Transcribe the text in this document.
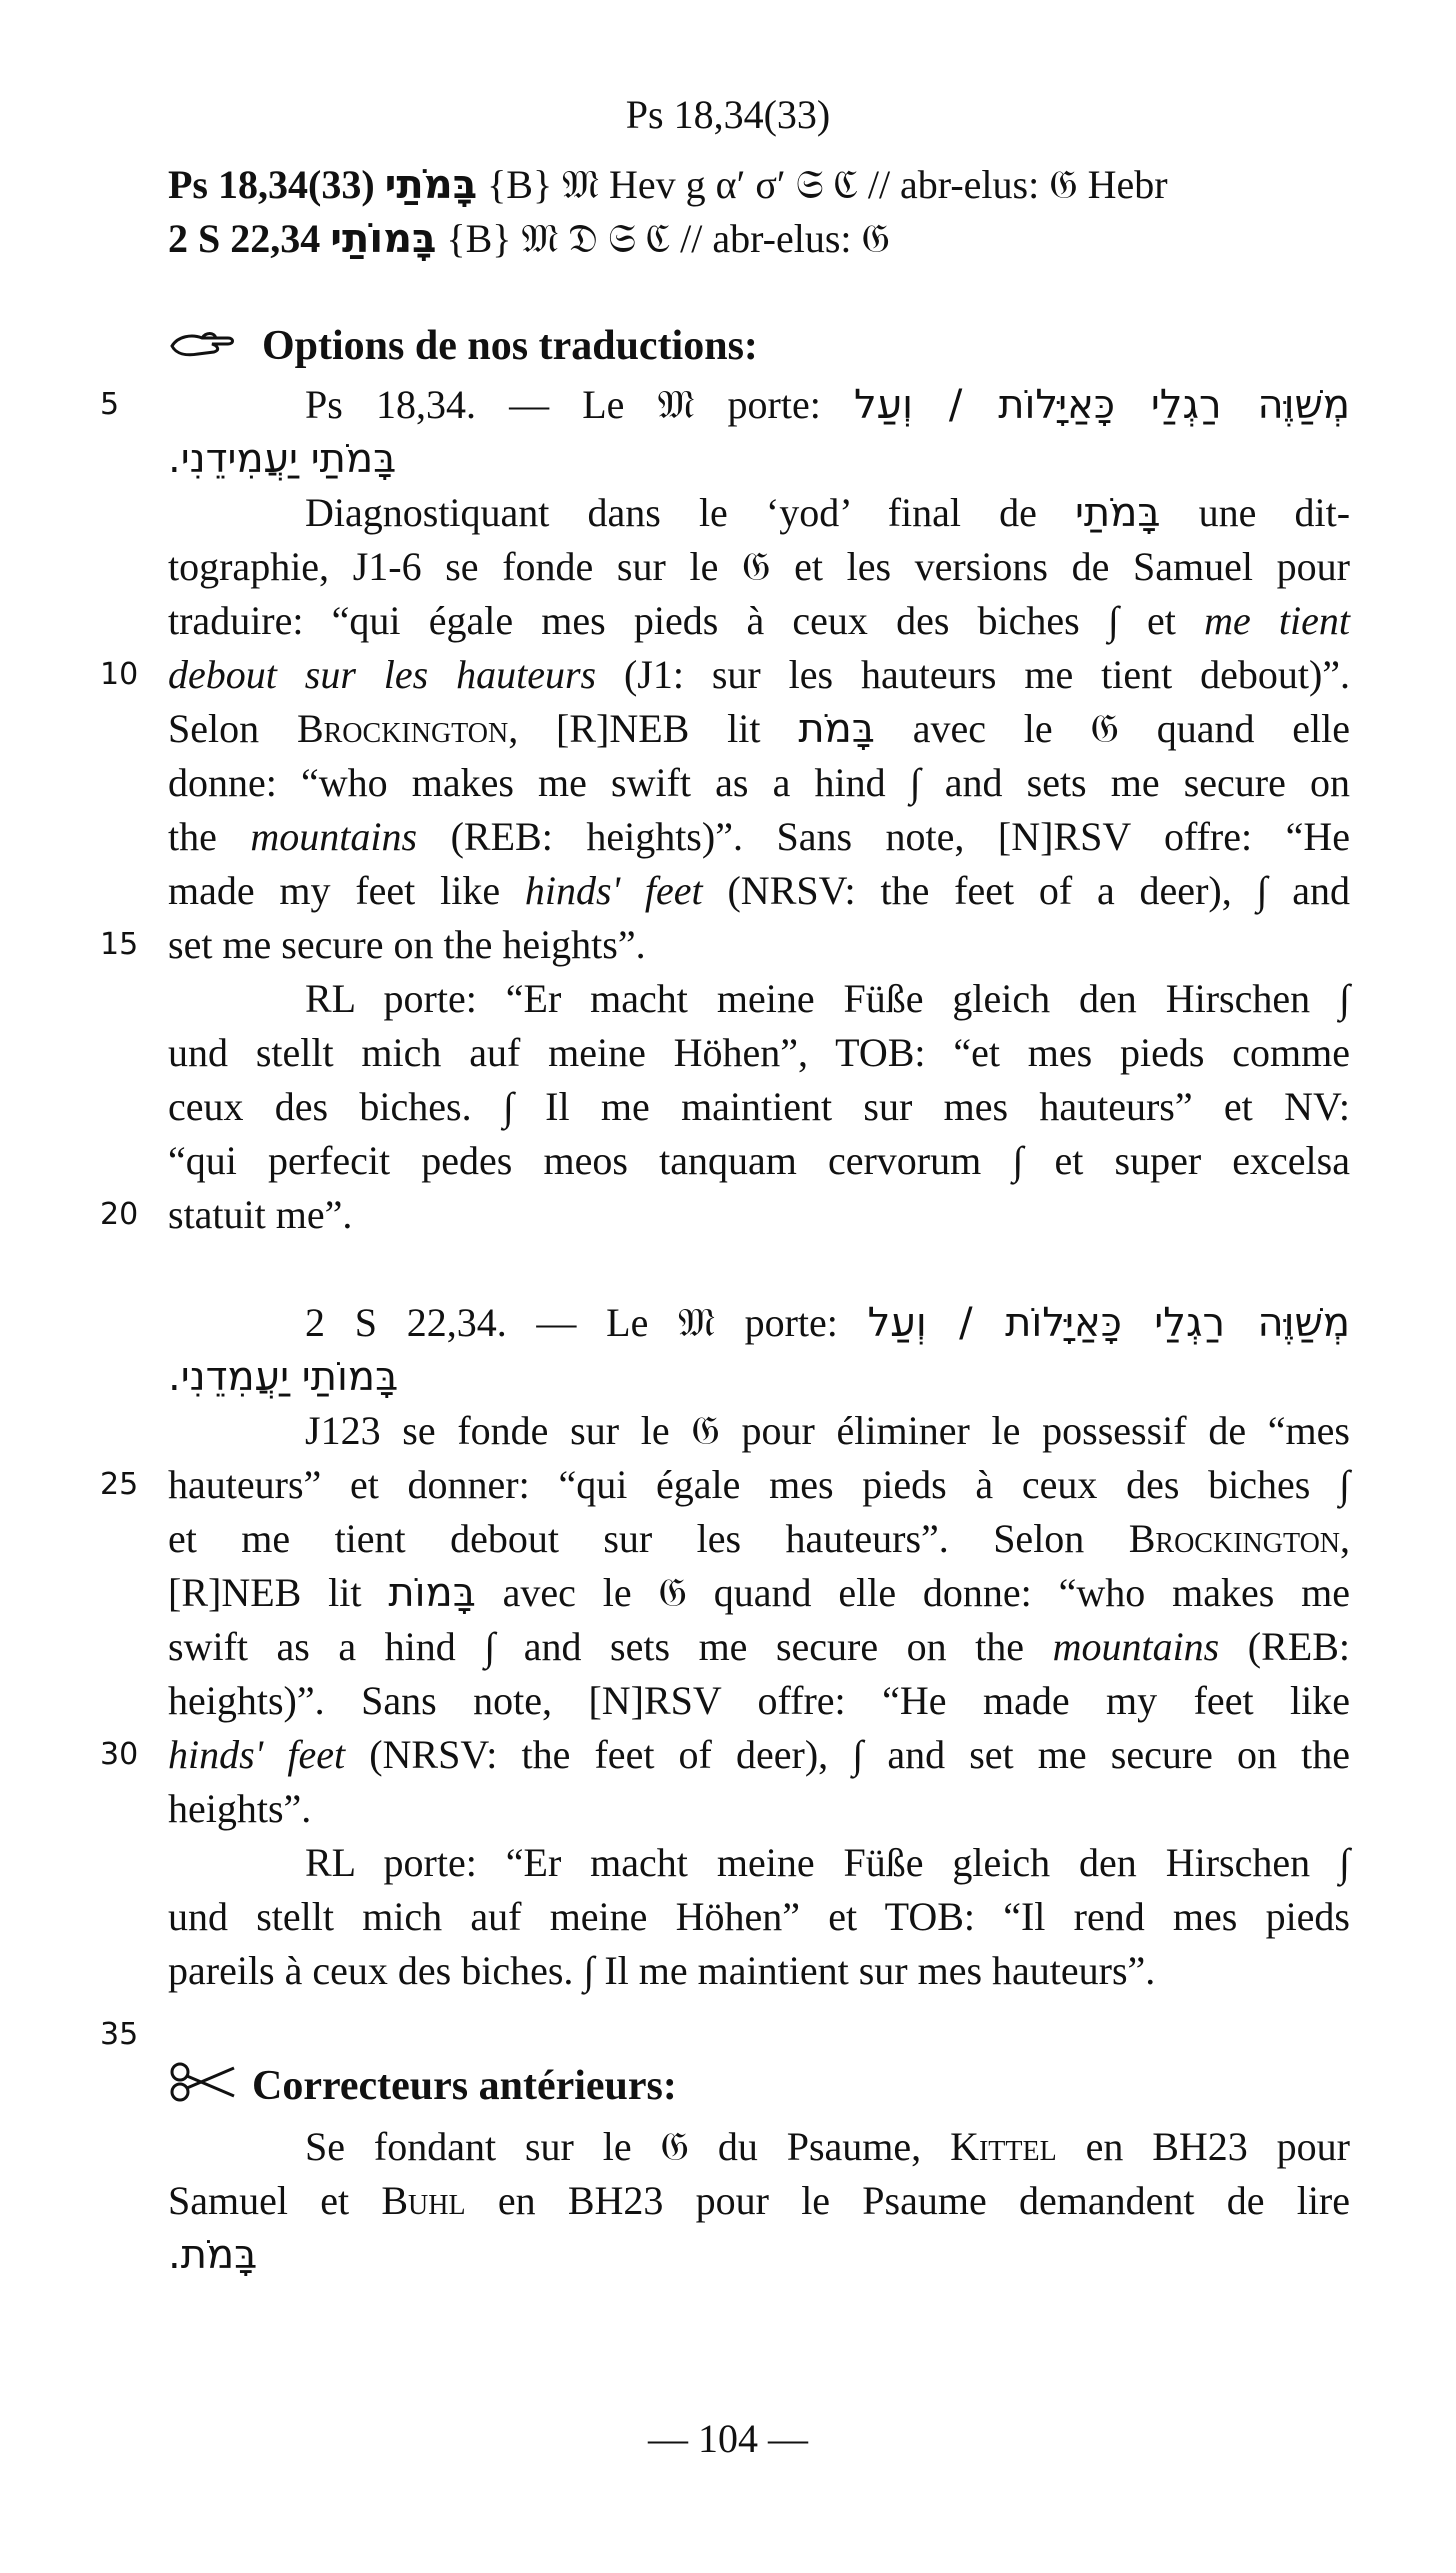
Ps 18,34(33)
Ps 18,34(33) בָּמֹתַי {B} 𝔐 Hev g α′ σ′ 𝔖 ℭ // abr-elus: 𝔊 Hebr
2 S 22,34 בָּמוֹתַי {B} 𝔐 𝔇 𝔖 ℭ // abr-elus: 𝔊
Options de nos traductions:
5
10
15
20
25
30
35
Ps 18,34. — Le 𝔐 porte: מְשַׁוֶּה רַגְלַי כָּאַיָּלוֹת / וְעַל
בָּמֹתַי יַעֲמִידֵנִי.
Diagnostiquant dans le ‘yod’ final de בָּמֹתַי une dit-
tographie, J1-6 se fonde sur le 𝔊 et les versions de Samuel pour
traduire: “qui égale mes pieds à ceux des biches ∫ et me tient
debout sur les hauteurs (J1: sur les hauteurs me tient debout)”.
Selon Brockington, [R]NEB lit בָּמֹת avec le 𝔊 quand elle
donne: “who makes me swift as a hind ∫ and sets me secure on
the mountains (REB: heights)”. Sans note, [N]RSV offre: “He
made my feet like hinds' feet (NRSV: the feet of a deer), ∫ and
set me secure on the heights”.
RL porte: “Er macht meine Füße gleich den Hirschen ∫
und stellt mich auf meine Höhen”, TOB: “et mes pieds comme
ceux des biches. ∫ Il me maintient sur mes hauteurs” et NV:
“qui perfecit pedes meos tanquam cervorum ∫ et super excelsa
statuit me”.
2 S 22,34. — Le 𝔐 porte: מְשַׁוֶּה רַגְלַי כָּאַיָּלוֹת / וְעַל
בָּמוֹתַי יַעֲמִדֵנִי.
J123 se fonde sur le 𝔊 pour éliminer le possessif de “mes
hauteurs” et donner: “qui égale mes pieds à ceux des biches ∫
et me tient debout sur les hauteurs”. Selon Brockington,
[R]NEB lit בָּמוֹת avec le 𝔊 quand elle donne: “who makes me
swift as a hind ∫ and sets me secure on the mountains (REB:
heights)”. Sans note, [N]RSV offre: “He made my feet like
hinds' feet (NRSV: the feet of deer), ∫ and set me secure on the
heights”.
RL porte: “Er macht meine Füße gleich den Hirschen ∫
und stellt mich auf meine Höhen” et TOB: “Il rend mes pieds
pareils à ceux des biches. ∫ Il me maintient sur mes hauteurs”.
Correcteurs antérieurs:
Se fondant sur le 𝔊 du Psaume, Kittel en BH23 pour
Samuel et Buhl en BH23 pour le Psaume demandent de lire
בָּמֹת.
— 104 —
